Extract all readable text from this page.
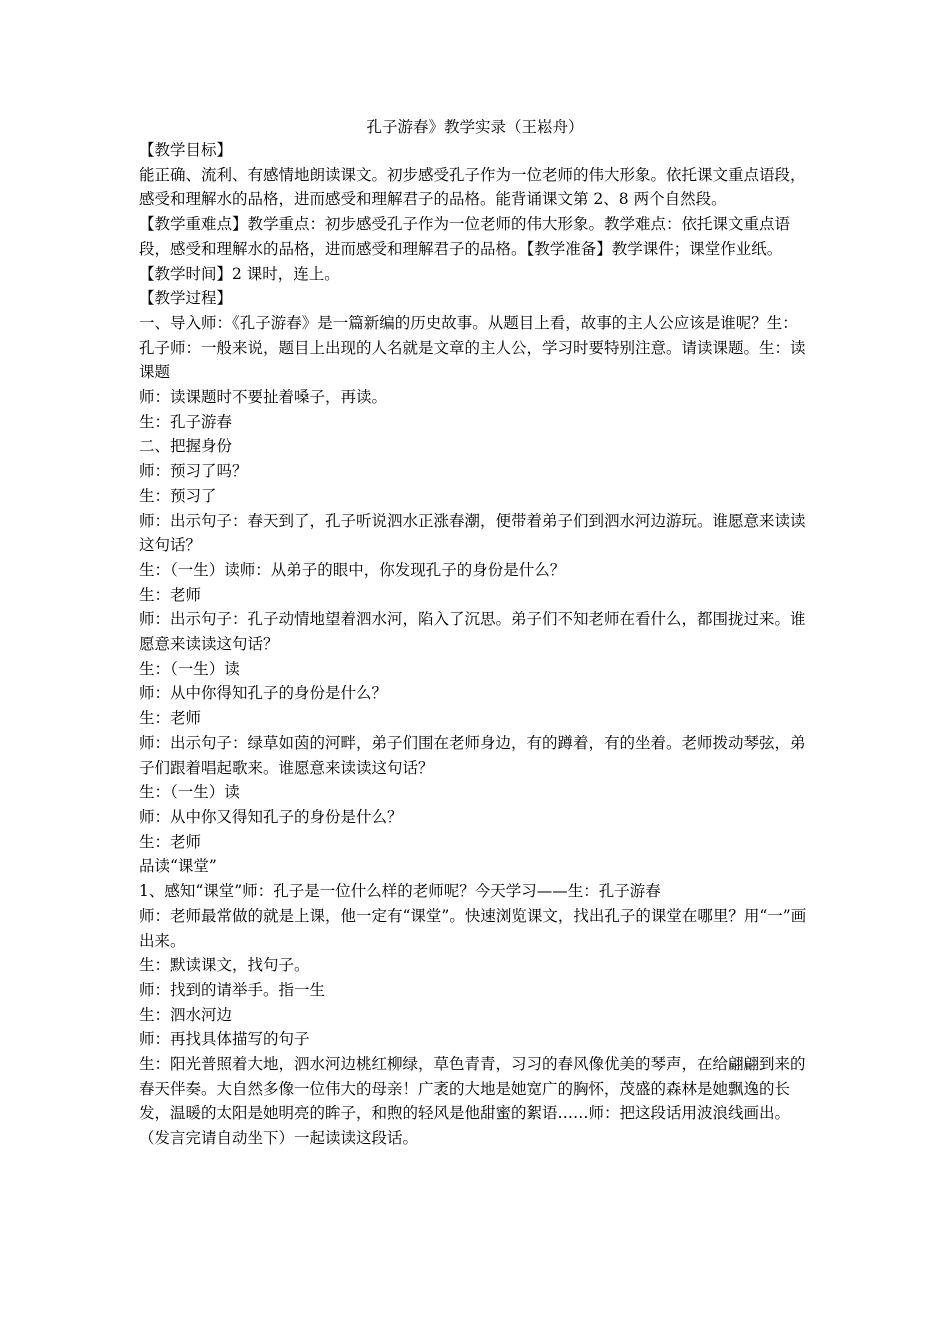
孔子游春》教学实录（王崧舟）

【教学目标】

能正确、流利、有感情地朗读课文。初步感受孔子作为一位老师的伟大形象。依托课文重点语段，感受和理解水的品格，进而感受和理解君子的品格。能背诵课文第 2、8 两个自然段。

【教学重难点】教学重点：初步感受孔子作为一位老师的伟大形象。教学难点：依托课文重点语段，感受和理解水的品格，进而感受和理解君子的品格。【教学准备】教学课件；课堂作业纸。

【教学时间】2 课时，连上。

【教学过程】

一、导入师：《孔子游春》是一篇新编的历史故事。从题目上看，故事的主人公应该是谁呢？生：孔子师：一般来说，题目上出现的人名就是文章的主人公，学习时要特别注意。请读课题。生：读课题

师：读课题时不要扯着嗓子，再读。

生：孔子游春

二、把握身份

师：预习了吗？

生：预习了

师：出示句子：春天到了，孔子听说泗水正涨春潮，便带着弟子们到泗水河边游玩。谁愿意来读读这句话？

生：（一生）读师：从弟子的眼中，你发现孔子的身份是什么？

生：老师

师：出示句子：孔子动情地望着泗水河，陷入了沉思。弟子们不知老师在看什么，都围拢过来。谁愿意来读读这句话？

生：（一生）读

师：从中你得知孔子的身份是什么？

生：老师

师：出示句子：绿草如茵的河畔，弟子们围在老师身边，有的蹲着，有的坐着。老师拨动琴弦，弟子们跟着唱起歌来。谁愿意来读读这句话？

生：（一生）读

师：从中你又得知孔子的身份是什么？

生：老师

品读“课堂”

1、感知“课堂”师：孔子是一位什么样的老师呢？今天学习——生：孔子游春

师：老师最常做的就是上课，他一定有“课堂”。快速浏览课文，找出孔子的课堂在哪里？用“一”画出来。

生：默读课文，找句子。

师：找到的请举手。指一生

生：泗水河边

师：再找具体描写的句子

生：阳光普照着大地，泗水河边桃红柳绿，草色青青，习习的春风像优美的琴声，在给翩翩到来的春天伴奏。大自然多像一位伟大的母亲！广袤的大地是她宽广的胸怀，茂盛的森林是她飘逸的长发，温暖的太阳是她明亮的眸子，和煦的轻风是他甜蜜的絮语……师：把这段话用波浪线画出。（发言完请自动坐下）一起读读这段话。
